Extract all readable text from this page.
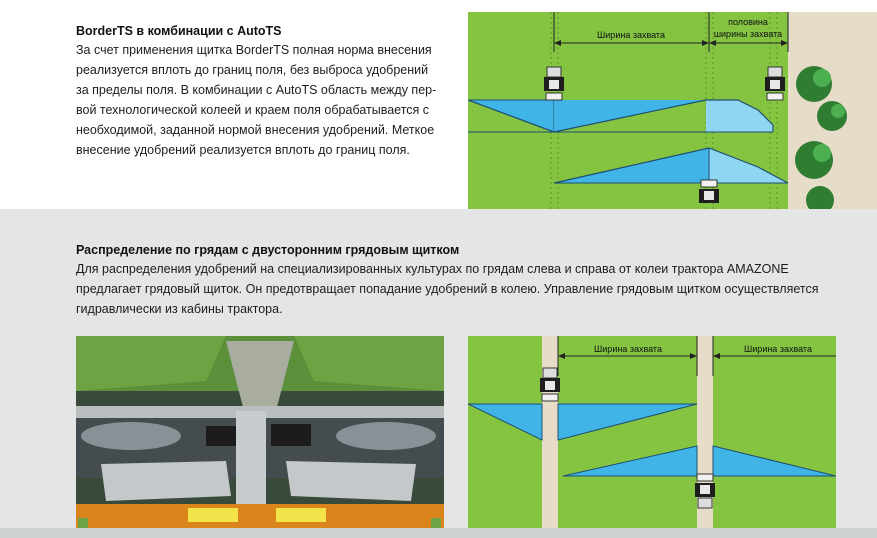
BorderTS в комбинации с AutoTS
За счет применения щитка BorderTS полная норма внесения
реализуется вплоть до границ поля, без выброса удобрений
за пределы поля. В комбинации с AutoTS область между пер-
вой технологической колеей и краем поля обрабатывается с
необходимой, заданной нормой внесения удобрений. Меткое
внесение удобрений реализуется вплоть до границ поля.
Ширина захвата
половина
ширины захвата
Распределение по грядам с двусторонним грядовым щитком
Для распределения удобрений на специализированных культурах по грядам слева и справа от колеи трактора AMAZONE
предлагает грядовый щиток. Он предотвращает попадание удобрений в колею. Управление грядовым щитком осуществляется
гидравлически из кабины трактора.
Ширина захвата	Ширина захвата
